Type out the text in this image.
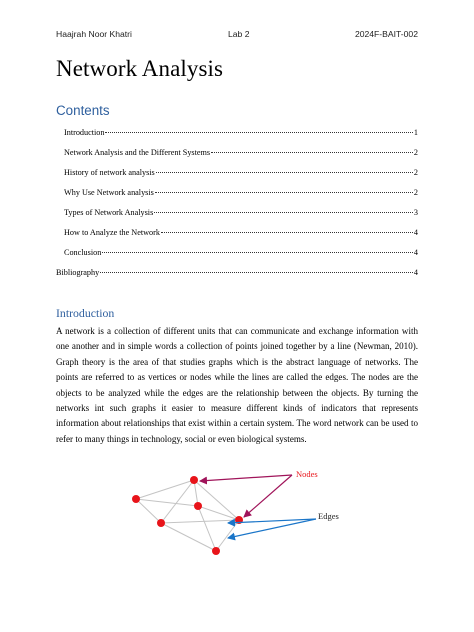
Haajrah Noor Khatri	Lab 2	2024F-BAIT-002
Network Analysis
Contents
Introduction	1
Network Analysis and the Different Systems	2
History of network analysis	2
Why Use Network analysis	2
Types of Network Analysis	3
How to Analyze the Network	4
Conclusion	4
Bibliography	4
Introduction

A network is a collection of different units that can communicate and exchange information with one another and in simple words a collection of points joined together by a line (Newman, 2010). Graph theory is the area of that studies graphs which is the abstract language of networks. The points are referred to as vertices or nodes while the lines are called the edges. The nodes are the objects to be analyzed while the edges are the relationship between the objects. By turning the networks int such graphs it easier to measure different kinds of indicators that represents information about relationships that exist within a certain system. The word network can be used to refer to many things in technology, social or even biological systems.

Nodes
Edges
